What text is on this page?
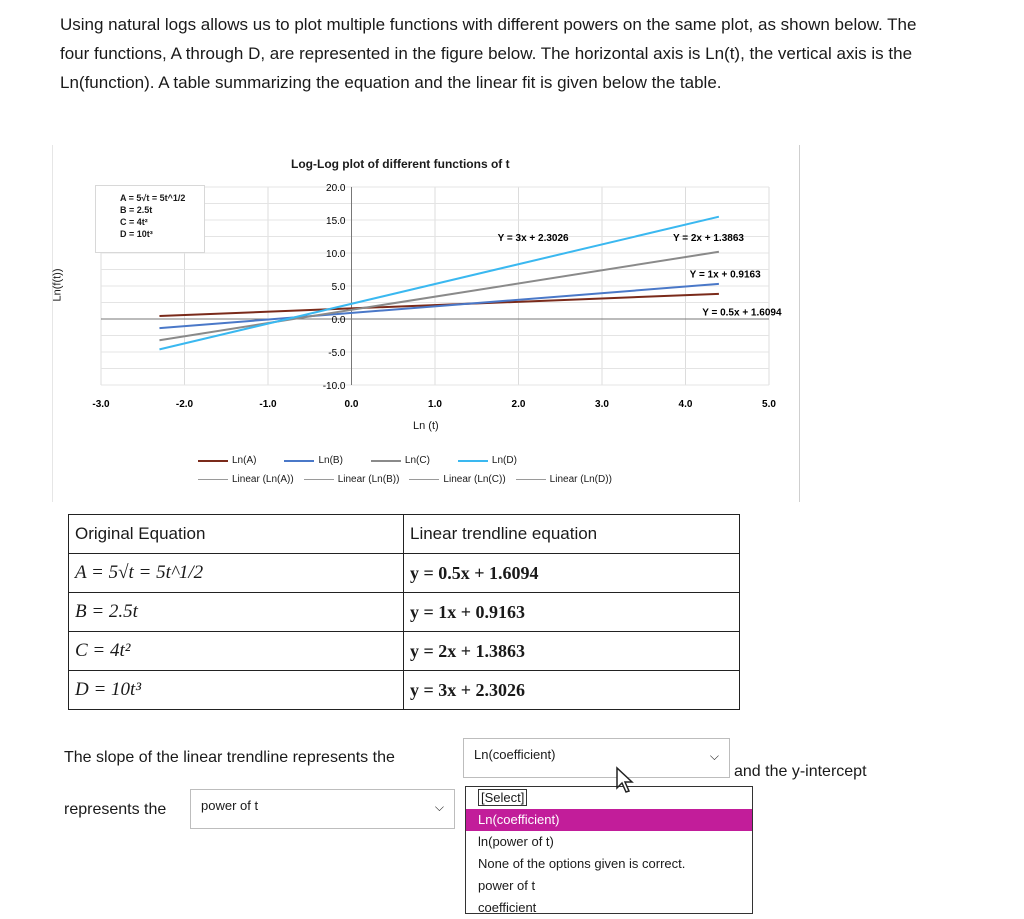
Using natural logs allows us to plot multiple functions with different powers on the same plot, as shown below. The four functions, A through D, are represented in the figure below. The horizontal axis is Ln(t), the vertical axis is the Ln(function). A table summarizing the equation and the linear fit is given below the table.
-3.0	-2.0	-1.0	0.0	1.0	2.0	3.0	4.0	5.0
20.0
15.0
10.0
5.0
0.0
-5.0
-10.0
Y = 3x + 2.3026	Y = 2x + 1.3863
Y = 1x + 0.9163
Y = 0.5x + 1.6094
Log-Log plot of different functions of t
Ln(f(t))
Ln (t)
A = 5√t = 5t^1/2
B = 2.5t
C = 4t²
D = 10t³
Ln(A)	Ln(B)	Ln(C)	Ln(D)
Linear (Ln(A))	Linear (Ln(B))	Linear (Ln(C))	Linear (Ln(D))
Original Equation	Linear trendline equation
A = 5√t = 5t^1/2	y = 0.5x + 1.6094
B = 2.5t	y = 1x + 0.9163
C = 4t²	y = 2x + 1.3863
D = 10t³	y = 3x + 2.3026
The slope of the linear trendline represents the	Ln(coefficient)	⌵
and the y-intercept
represents the	power of t	⌵
[Select]
Ln(coefficient)
ln(power of t)
None of the options given is correct.
power of t
coefficient
